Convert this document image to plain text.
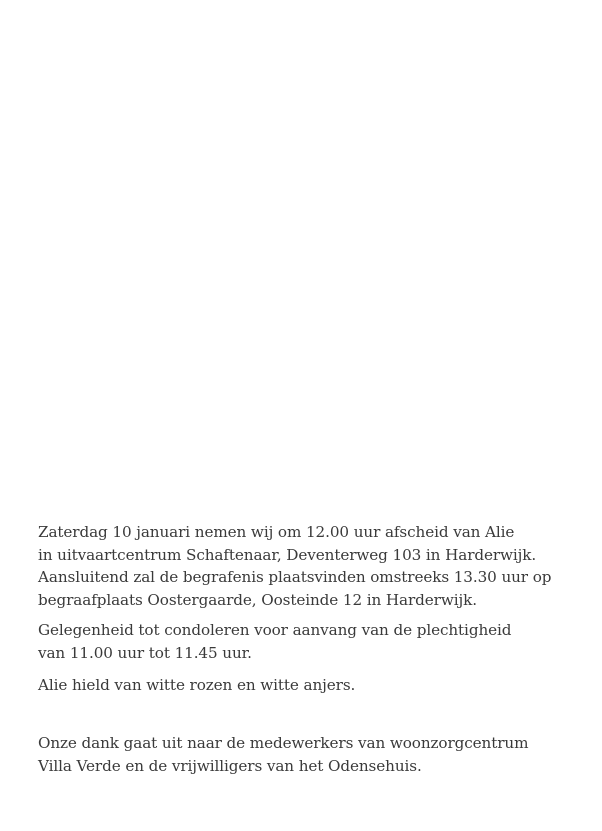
Zaterdag 10 januari nemen wij om 12.00 uur afscheid van Alie
in uitvaartcentrum Schaftenaar, Deventerweg 103 in Harderwijk.
Aansluitend zal de begrafenis plaatsvinden omstreeks 13.30 uur op
begraafplaats Oostergaarde, Oosteinde 12 in Harderwijk.
Gelegenheid tot condoleren voor aanvang van de plechtigheid
van 11.00 uur tot 11.45 uur.
Alie hield van witte rozen en witte anjers.
Onze dank gaat uit naar de medewerkers van woonzorgcentrum
Villa Verde en de vrijwilligers van het Odensehuis.
